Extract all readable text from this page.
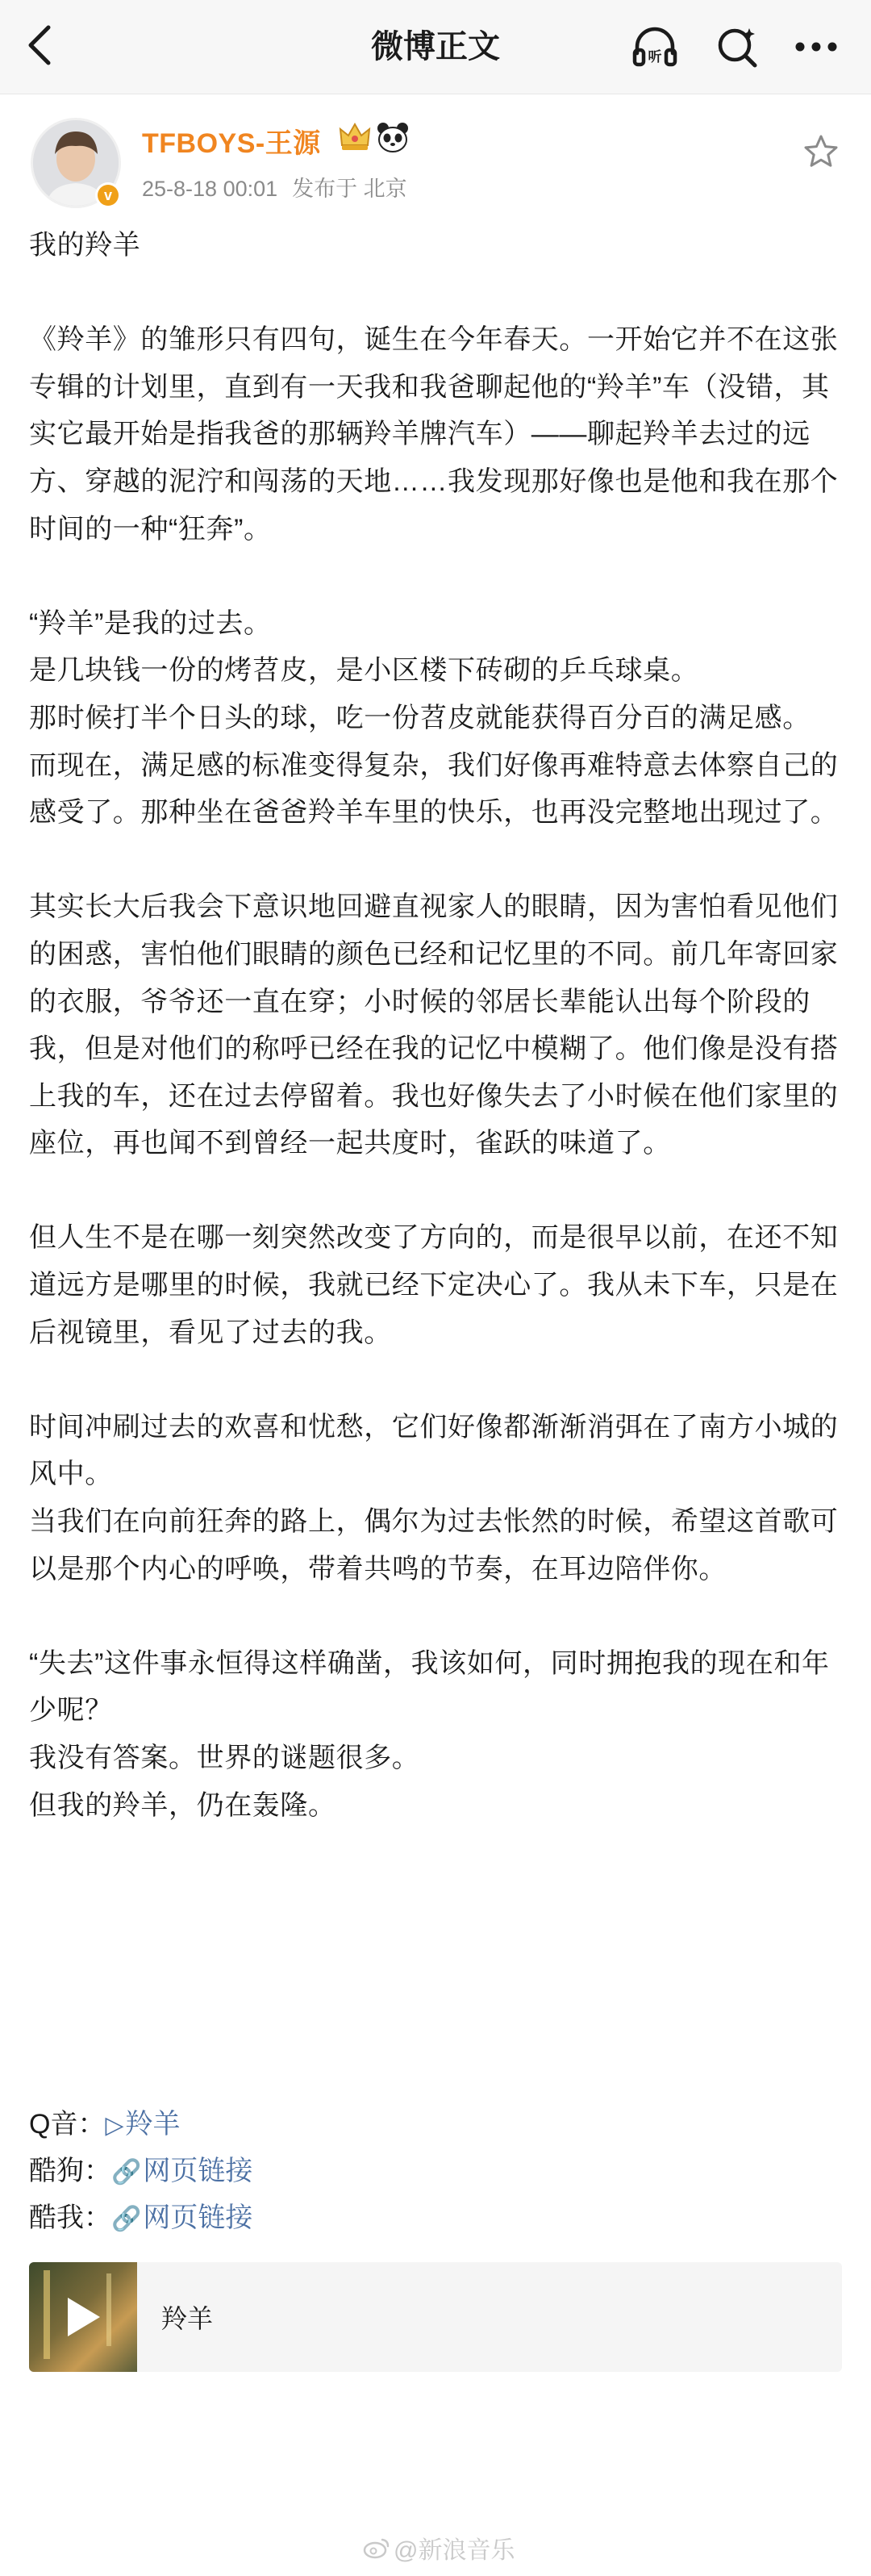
微博正文	听
v
TFBOYS-王源
25-8-18 00:01 发布于 北京

我的羚羊

《羚羊》的雏形只有四句，诞生在今年春天。一开始它并不在这张专辑的计划里，直到有一天我和我爸聊起他的“羚羊”车（没错，其实它最开始是指我爸的那辆羚羊牌汽车）——聊起羚羊去过的远方、穿越的泥泞和闯荡的天地……我发现那好像也是他和我在那个时间的一种“狂奔”。

“羚羊”是我的过去。

是几块钱一份的烤苕皮，是小区楼下砖砌的乒乓球桌。

那时候打半个日头的球，吃一份苕皮就能获得百分百的满足感。

而现在，满足感的标准变得复杂，我们好像再难特意去体察自己的感受了。那种坐在爸爸羚羊车里的快乐，也再没完整地出现过了。

其实长大后我会下意识地回避直视家人的眼睛，因为害怕看见他们的困惑，害怕他们眼睛的颜色已经和记忆里的不同。前几年寄回家的衣服，爷爷还一直在穿；小时候的邻居长辈能认出每个阶段的我，但是对他们的称呼已经在我的记忆中模糊了。他们像是没有搭上我的车，还在过去停留着。我也好像失去了小时候在他们家里的座位，再也闻不到曾经一起共度时，雀跃的味道了。

但人生不是在哪一刻突然改变了方向的，而是很早以前，在还不知道远方是哪里的时候，我就已经下定决心了。我从未下车，只是在后视镜里，看见了过去的我。

时间冲刷过去的欢喜和忧愁，它们好像都渐渐消弭在了南方小城的风中。

当我们在向前狂奔的路上，偶尔为过去怅然的时候，希望这首歌可以是那个内心的呼唤，带着共鸣的节奏，在耳边陪伴你。

“失去”这件事永恒得这样确凿，我该如何，同时拥抱我的现在和年少呢？

我没有答案。世界的谜题很多。

但我的羚羊，仍在轰隆。

Q音：▷羚羊
酷狗：🔗网页链接
酷我：🔗网页链接
羚羊
@新浪音乐
